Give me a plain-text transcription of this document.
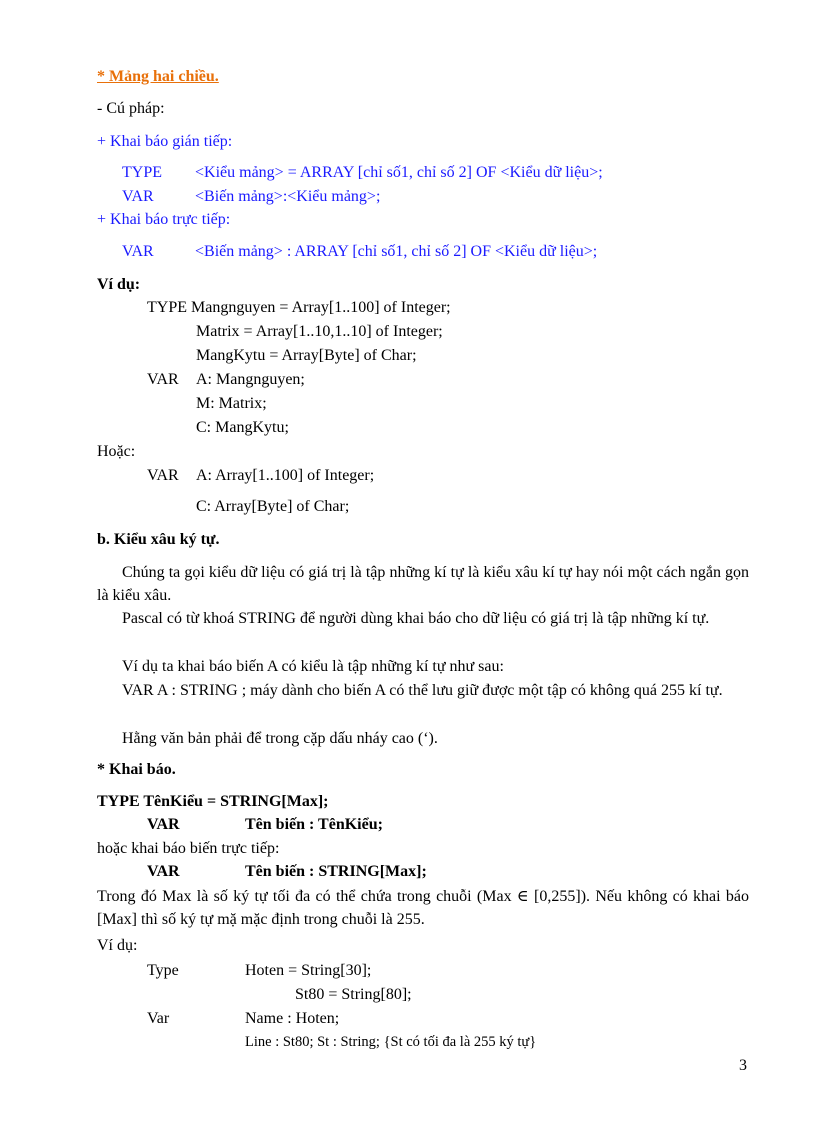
* Mảng hai chiều.
- Cú pháp:
+ Khai báo gián tiếp:
TYPE <Kiểu mảng> = ARRAY [chỉ số1, chỉ số 2] OF <Kiểu dữ liệu>;
VAR	<Biến mảng>:<Kiểu mảng>;
+ Khai báo trực tiếp:
VAR	<Biến mảng> : ARRAY [chỉ số1, chỉ số 2] OF <Kiểu dữ liệu>;
Ví dụ:
TYPE Mangnguyen = Array[1..100] of Integer;
Matrix = Array[1..10,1..10] of Integer;
MangKytu = Array[Byte] of Char;
VAR A: Mangnguyen;
M: Matrix;
C: MangKytu;
Hoặc:
VAR A: Array[1..100] of Integer;
C: Array[Byte] of Char;
b. Kiểu xâu ký tự.
Chúng ta gọi kiểu dữ liệu có giá trị là tập những kí tự là kiểu xâu kí tự hay nói một cách ngắn gọn là kiểu xâu.
Pascal có từ khoá STRING để người dùng khai báo cho dữ liệu có giá trị là tập những kí tự.
Ví dụ ta khai báo biến A có kiểu là tập những kí tự như sau:
VAR A : STRING ; máy dành cho biến A có thể lưu giữ được một tập có không quá 255 kí tự.
Hằng văn bản phải để trong cặp dấu nháy cao (‘).
* Khai báo.
TYPE TênKiểu = STRING[Max];
VAR	Tên biến : TênKiểu;
hoặc khai báo biến trực tiếp:
VAR	Tên biến : STRING[Max];
Trong đó Max là số ký tự tối đa có thể chứa trong chuỗi (Max ∈ [0,255]). Nếu không có khai báo [Max] thì số ký tự mặ mặc định trong chuỗi là 255.
Ví dụ:
Type	Hoten = String[30];
St80 = String[80];
Var	Name : Hoten;
Line : St80; St : String; {St có tối đa là 255 ký tự}
3
